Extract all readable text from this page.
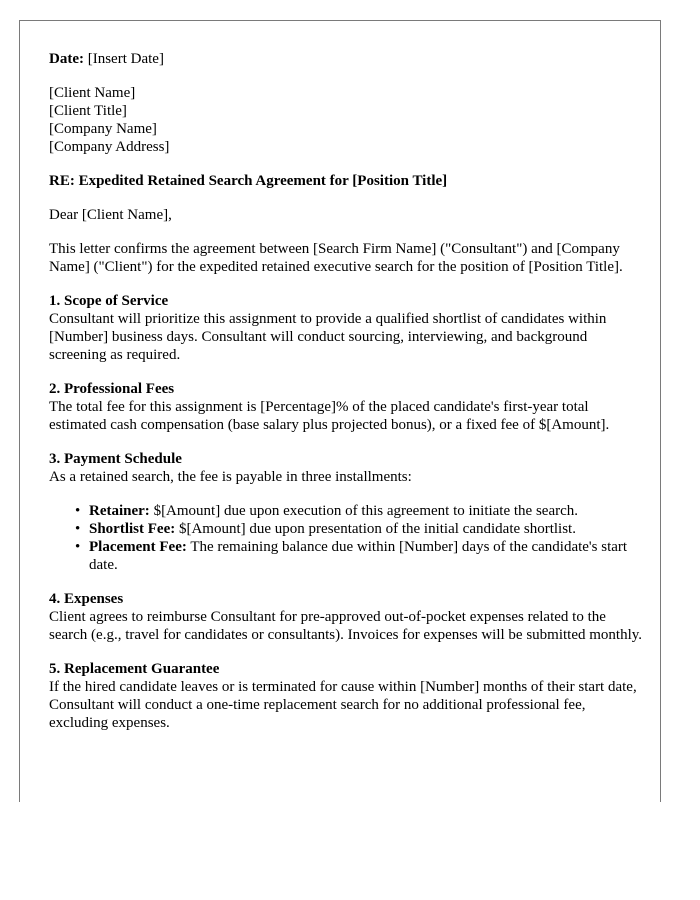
Date: [Insert Date]

[Client Name]

[Client Title]

[Company Name]

[Company Address]

RE: Expedited Retained Search Agreement for [Position Title]

Dear [Client Name],

This letter confirms the agreement between [Search Firm Name] ("Consultant") and [Company Name] ("Client") for the expedited retained executive search for the position of [Position Title].

1. Scope of Service

Consultant will prioritize this assignment to provide a qualified shortlist of candidates within [Number] business days. Consultant will conduct sourcing, interviewing, and background screening as required.

2. Professional Fees

The total fee for this assignment is [Percentage]% of the placed candidate's first-year total estimated cash compensation (base salary plus projected bonus), or a fixed fee of $[Amount].

3. Payment Schedule

As a retained search, the fee is payable in three installments:

• Retainer: $[Amount] due upon execution of this agreement to initiate the search.
• Shortlist Fee: $[Amount] due upon presentation of the initial candidate shortlist.
• Placement Fee: The remaining balance due within [Number] days of the candidate's start date.

4. Expenses

Client agrees to reimburse Consultant for pre-approved out-of-pocket expenses related to the search (e.g., travel for candidates or consultants). Invoices for expenses will be submitted monthly.

5. Replacement Guarantee

If the hired candidate leaves or is terminated for cause within [Number] months of their start date, Consultant will conduct a one-time replacement search for no additional professional fee, excluding expenses.
